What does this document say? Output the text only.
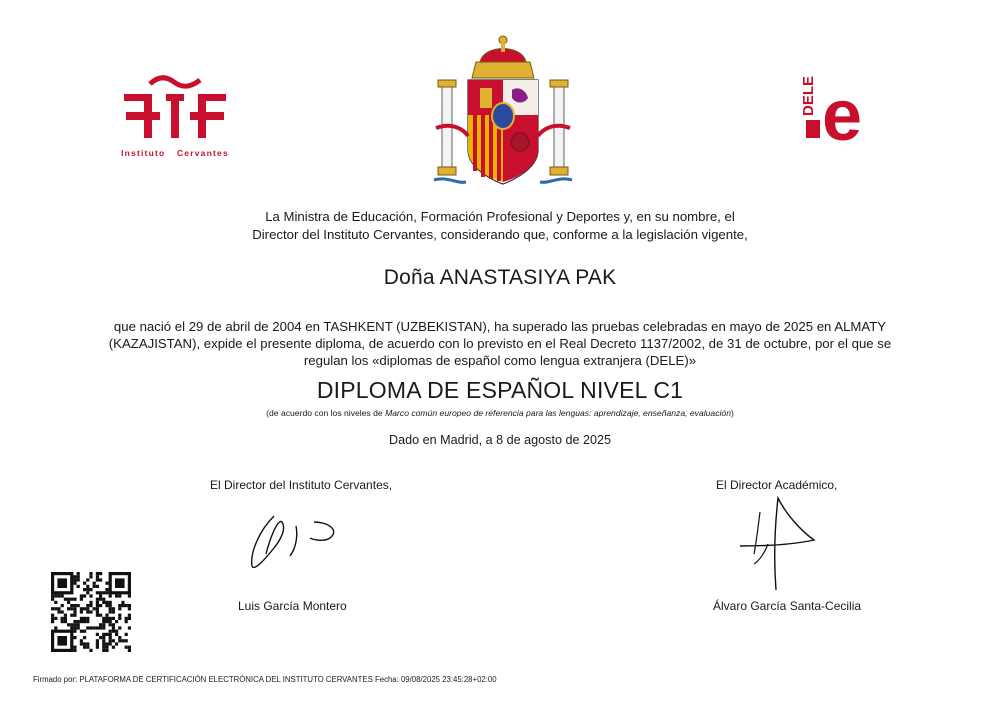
Instituto Cervantes
DELE e
La Ministra de Educación, Formación Profesional y Deportes y, en su nombre, el
Director del Instituto Cervantes, considerando que, conforme a la legislación vigente,
Doña ANASTASIYA PAK
que nació el 29 de abril de 2004 en TASHKENT (UZBEKISTAN), ha superado las pruebas celebradas en mayo de 2025 en ALMATY
(KAZAJISTAN), expide el presente diploma, de acuerdo con lo previsto en el Real Decreto 1137/2002, de 31 de octubre, por el que se
regulan los «diplomas de español como lengua extranjera (DELE)»
DIPLOMA DE ESPAÑOL NIVEL C1
(de acuerdo con los niveles de Marco común europeo de referencia para las lenguas: aprendizaje, enseñanza, evaluación)
Dado en Madrid, a 8 de agosto de 2025
El Director del Instituto Cervantes,	El Director Académico,
Luis García Montero	Álvaro García Santa-Cecilia
Firmado por: PLATAFORMA DE CERTIFICACIÓN ELECTRÓNICA DEL INSTITUTO CERVANTES Fecha: 09/08/2025 23:45:28+02:00
